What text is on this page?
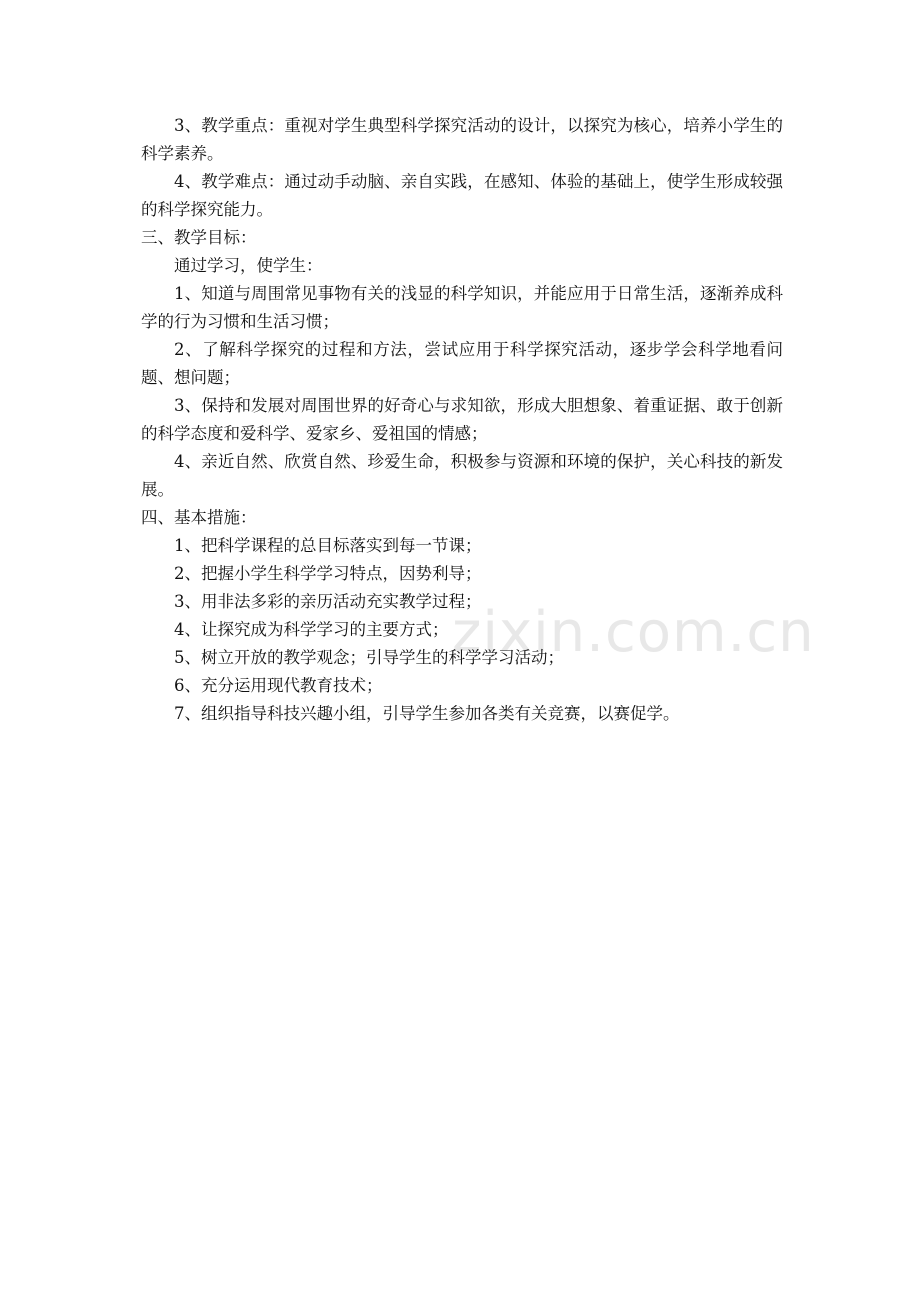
zixin.com.cn

3、教学重点：重视对学生典型科学探究活动的设计，以探究为核心，培养小学生的科学素养。

4、教学难点：通过动手动脑、亲自实践，在感知、体验的基础上，使学生形成较强的科学探究能力。

三、教学目标：

通过学习，使学生：

1、知道与周围常见事物有关的浅显的科学知识，并能应用于日常生活，逐渐养成科学的行为习惯和生活习惯；

2、了解科学探究的过程和方法，尝试应用于科学探究活动，逐步学会科学地看问题、想问题；

3、保持和发展对周围世界的好奇心与求知欲，形成大胆想象、着重证据、敢于创新的科学态度和爱科学、爱家乡、爱祖国的情感；

4、亲近自然、欣赏自然、珍爱生命，积极参与资源和环境的保护，关心科技的新发展。

四、基本措施：

1、把科学课程的总目标落实到每一节课；

2、把握小学生科学学习特点，因势利导；

3、用非法多彩的亲历活动充实教学过程；

4、让探究成为科学学习的主要方式；

5、树立开放的教学观念；引导学生的科学学习活动；

6、充分运用现代教育技术；

7、组织指导科技兴趣小组，引导学生参加各类有关竞赛，以赛促学。
